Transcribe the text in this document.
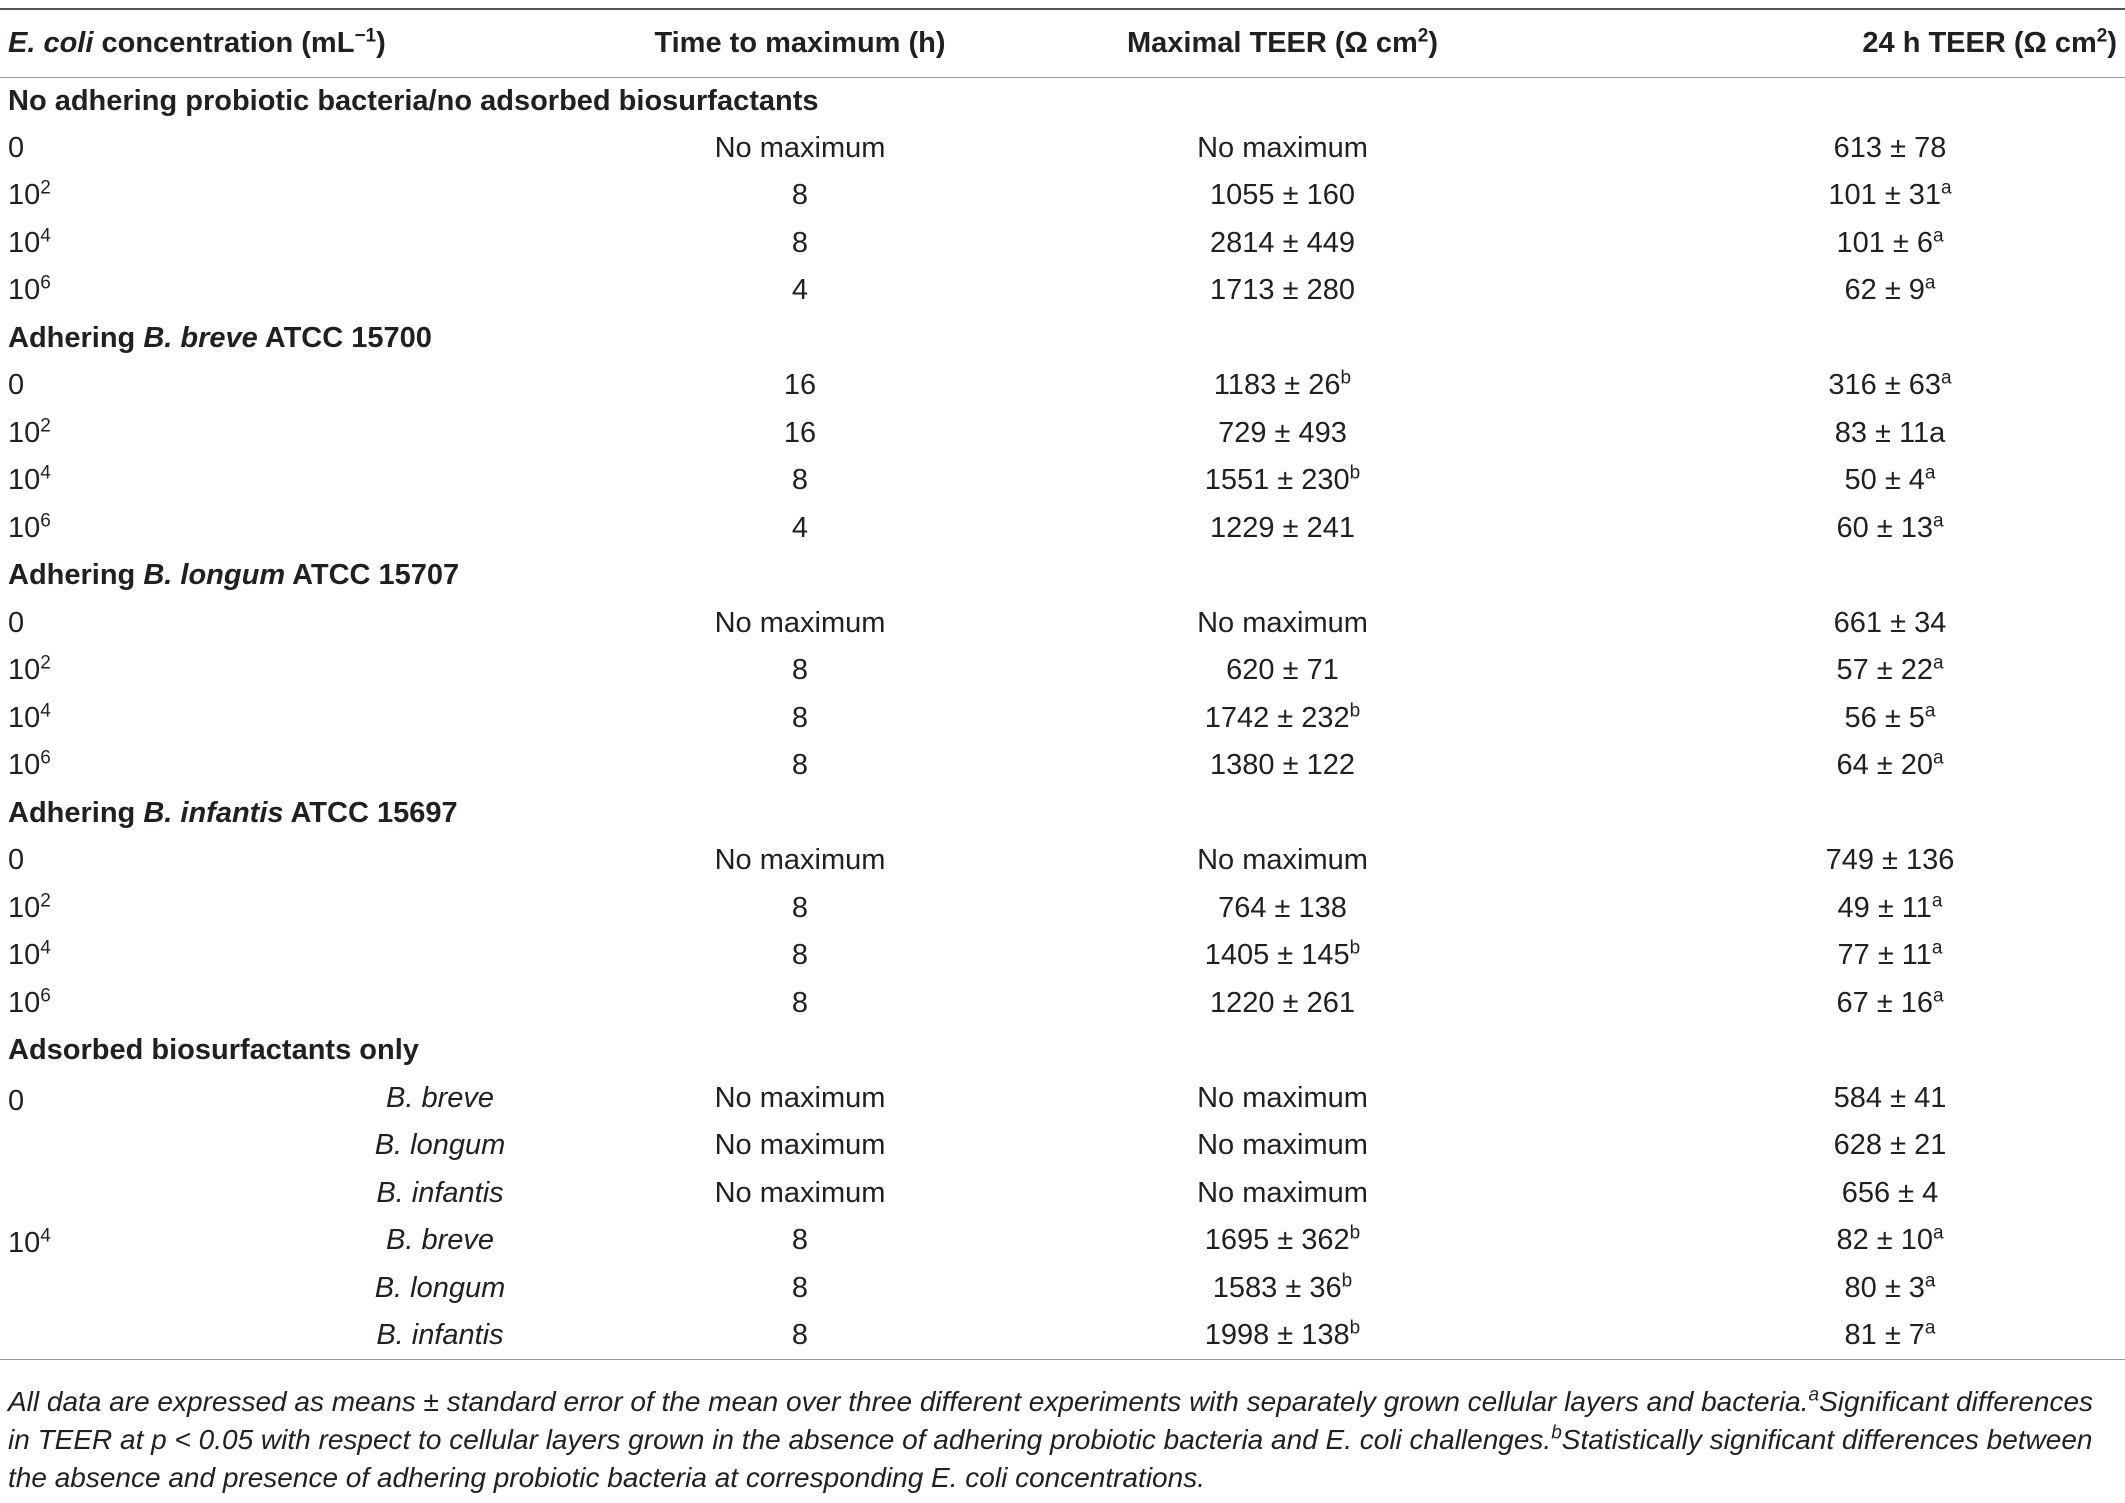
E. coli concentration $(mL^{-1})$		Time to maximum (h)	Maximal TEER (Ω $cm^2$)	24 h TEER (Ω $cm^2$)
No adhering probiotic bacteria/no adsorbed biosurfactants				
0		No maximum	No maximum	613 ± 78
$10^2$		8	1055 ± 160	$101 \pm 31^a$
$10^4$		8	2814 ± 449	$101 \pm 6^a$
$10^6$		4	1713 ± 280	$62 \pm 9^a$
Adhering B. breve ATCC 15700				
0		16	$1183 \pm 26^b$	$316 \pm 63^a$
$10^2$		16	729 ± 493	83 ± 11a
$10^4$		8	$1551 \pm 230^b$	$50 \pm 4^a$
$10^6$		4	1229 ± 241	$60 \pm 13^a$
Adhering B. longum ATCC 15707				
0		No maximum	No maximum	661 ± 34
$10^2$		8	620 ± 71	$57 \pm 22^a$
$10^4$		8	$1742 \pm 232^b$	$56 \pm 5^a$
$10^6$		8	1380 ± 122	$64 \pm 20^a$
Adhering B. infantis ATCC 15697				
0		No maximum	No maximum	749 ± 136
$10^2$		8	764 ± 138	$49 \pm 11^a$
$10^4$		8	$1405 \pm 145^b$	$77 \pm 11^a$
$10^6$		8	1220 ± 261	$67 \pm 16^a$
Adsorbed biosurfactants only				
0	B. breve	No maximum	No maximum	584 ± 41
	B. longum	No maximum	No maximum	628 ± 21
	B. infantis	No maximum	No maximum	656 ± 4
$10^4$	B. breve	8	$1695 \pm 362^b$	$82 \pm 10^a$
	B. longum	8	$1583 \pm 36^b$	$80 \pm 3^a$
	B. infantis	8	$1998 \pm 138^b$	$81 \pm 7^a$
All data are expressed as means ± standard error of the mean over three different experiments with separately grown cellular layers and bacteria.$^a$Significant differences in TEER at p < 0.05 with respect to cellular layers grown in the absence of adhering probiotic bacteria and E. coli challenges.$^b$Statistically significant differences between the absence and presence of adhering probiotic bacteria at corresponding E. coli concentrations.
